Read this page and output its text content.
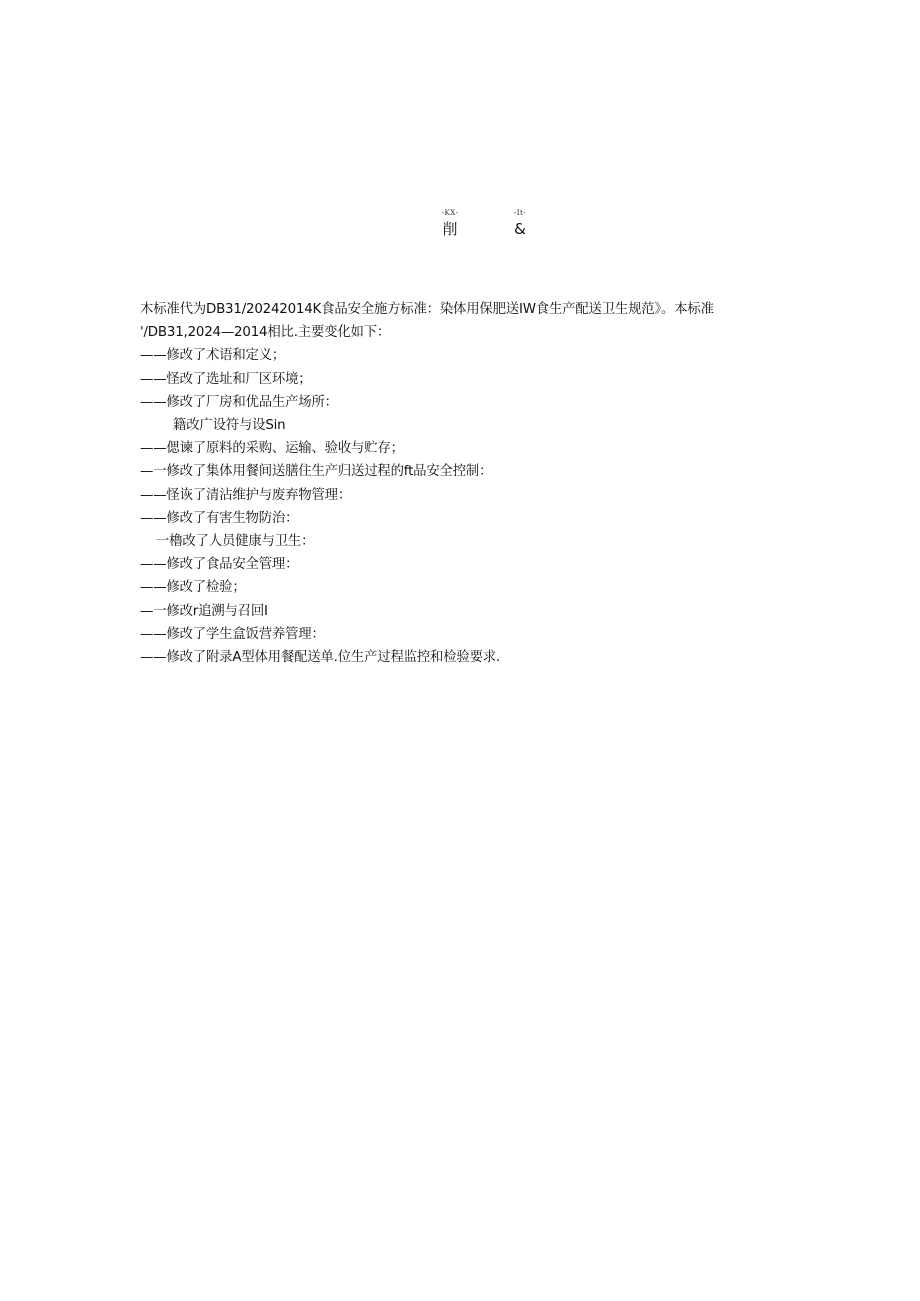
-KX-
削
-It-
&

木标准代为DB31/20242014K食品安全施方标准：染体用保肥送IW食生产配送卫生规范》。本标准

'/DB31,2024—2014相比.主要变化如下：

——修改了术语和定义；

——怪改了选址和厂区环境；

——修改了厂房和优品生产场所：

籍改广设符与设Sin

——偲谏了原料的采购、运输、验收与贮存；

—一修改了集体用餐间送膳住生产归送过程的ft品安全控制：

——怪诙了清沾维护与废弃物管理：

——修改了有害生物防治：

一櫓改了人员健康与卫生：

——修改了食品安全管理：

——修改了检验；

—一修改r追溯与召回I

——修改了学生盒饭营养管理：

——修改了附录A型体用餐配送单.位生产过程监控和检验要求.
